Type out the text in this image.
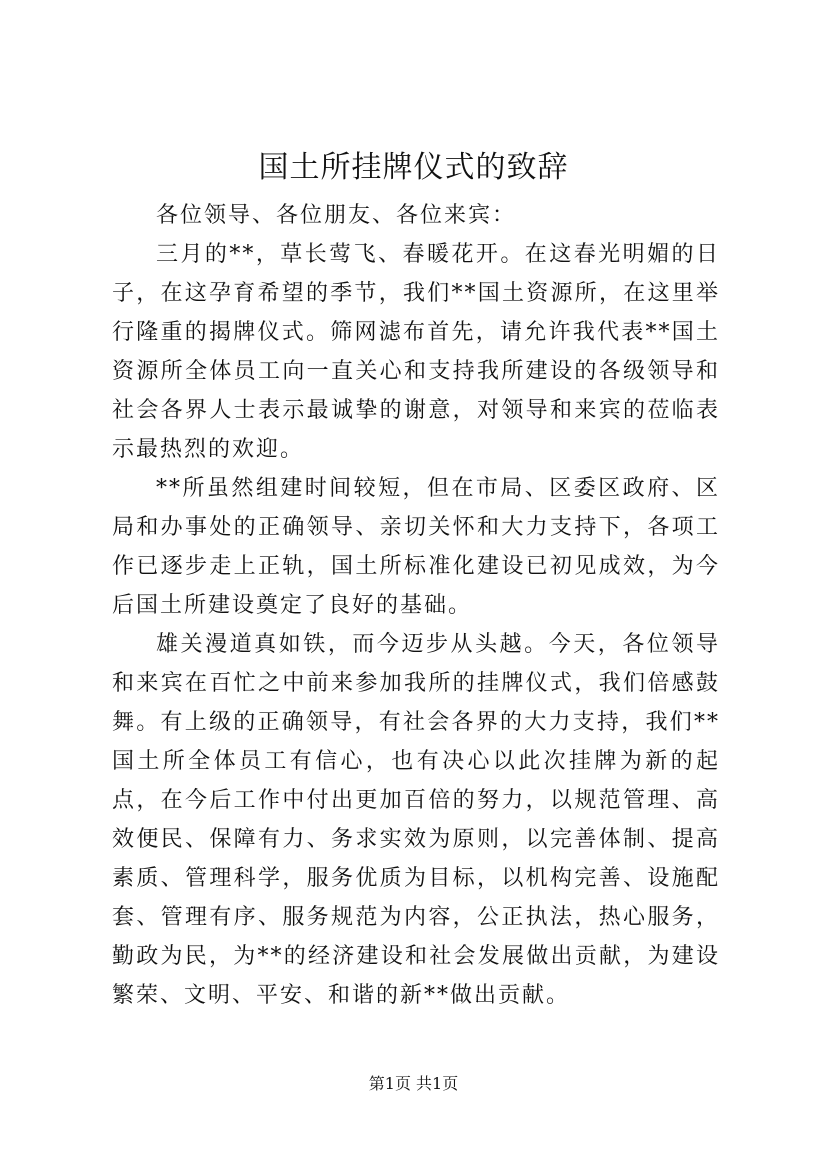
国土所挂牌仪式的致辞

各位领导、各位朋友、各位来宾：

三月的**，草长莺飞、春暖花开。在这春光明媚的日子，在这孕育希望的季节，我们**国土资源所，在这里举行隆重的揭牌仪式。筛网滤布首先，请允许我代表**国土资源所全体员工向一直关心和支持我所建设的各级领导和社会各界人士表示最诚挚的谢意，对领导和来宾的莅临表示最热烈的欢迎。

**所虽然组建时间较短，但在市局、区委区政府、区局和办事处的正确领导、亲切关怀和大力支持下，各项工作已逐步走上正轨，国土所标准化建设已初见成效，为今后国土所建设奠定了良好的基础。

雄关漫道真如铁，而今迈步从头越。今天，各位领导和来宾在百忙之中前来参加我所的挂牌仪式，我们倍感鼓舞。有上级的正确领导，有社会各界的大力支持，我们**国土所全体员工有信心，也有决心以此次挂牌为新的起点，在今后工作中付出更加百倍的努力，以规范管理、高效便民、保障有力、务求实效为原则，以完善体制、提高素质、管理科学，服务优质为目标，以机构完善、设施配套、管理有序、服务规范为内容，公正执法，热心服务，勤政为民，为**的经济建设和社会发展做出贡献，为建设繁荣、文明、平安、和谐的新**做出贡献。

第1页 共1页
